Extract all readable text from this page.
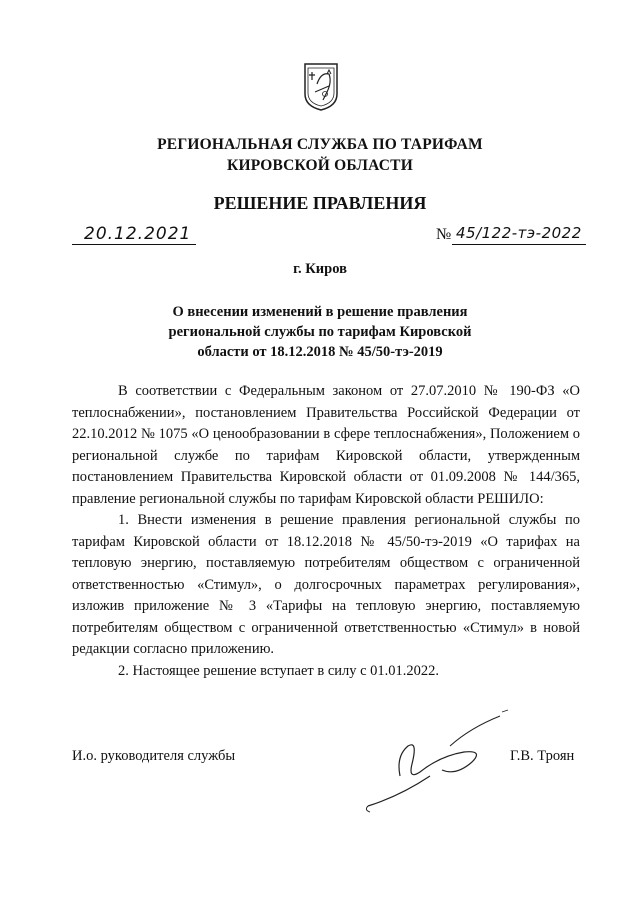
РЕГИОНАЛЬНАЯ СЛУЖБА ПО ТАРИФАМ
КИРОВСКОЙ ОБЛАСТИ
РЕШЕНИЕ ПРАВЛЕНИЯ
20.12.2021	№ 45/122-тэ-2022
г. Киров
О внесении изменений в решение правления
региональной службы по тарифам Кировской
области от 18.12.2018 № 45/50-тэ-2019

В соответствии с Федеральным законом от 27.07.2010 № 190-ФЗ «О теплоснабжении», постановлением Правительства Российской Федерации от 22.10.2012 № 1075 «О ценообразовании в сфере теплоснабжения», Положением о региональной службе по тарифам Кировской области, утвержденным постановлением Правительства Кировской области от 01.09.2008 № 144/365, правление региональной службы по тарифам Кировской области РЕШИЛО:

1. Внести изменения в решение правления региональной службы по тарифам Кировской области от 18.12.2018 № 45/50-тэ-2019 «О тарифах на тепловую энергию, поставляемую потребителям обществом с ограниченной ответственностью «Стимул», о долгосрочных параметрах регулирования», изложив приложение № 3 «Тарифы на тепловую энергию, поставляемую потребителям обществом с ограниченной ответственностью «Стимул» в новой редакции согласно приложению.

2. Настоящее решение вступает в силу с 01.01.2022.

И.о. руководителя службы	Г.В. Троян
